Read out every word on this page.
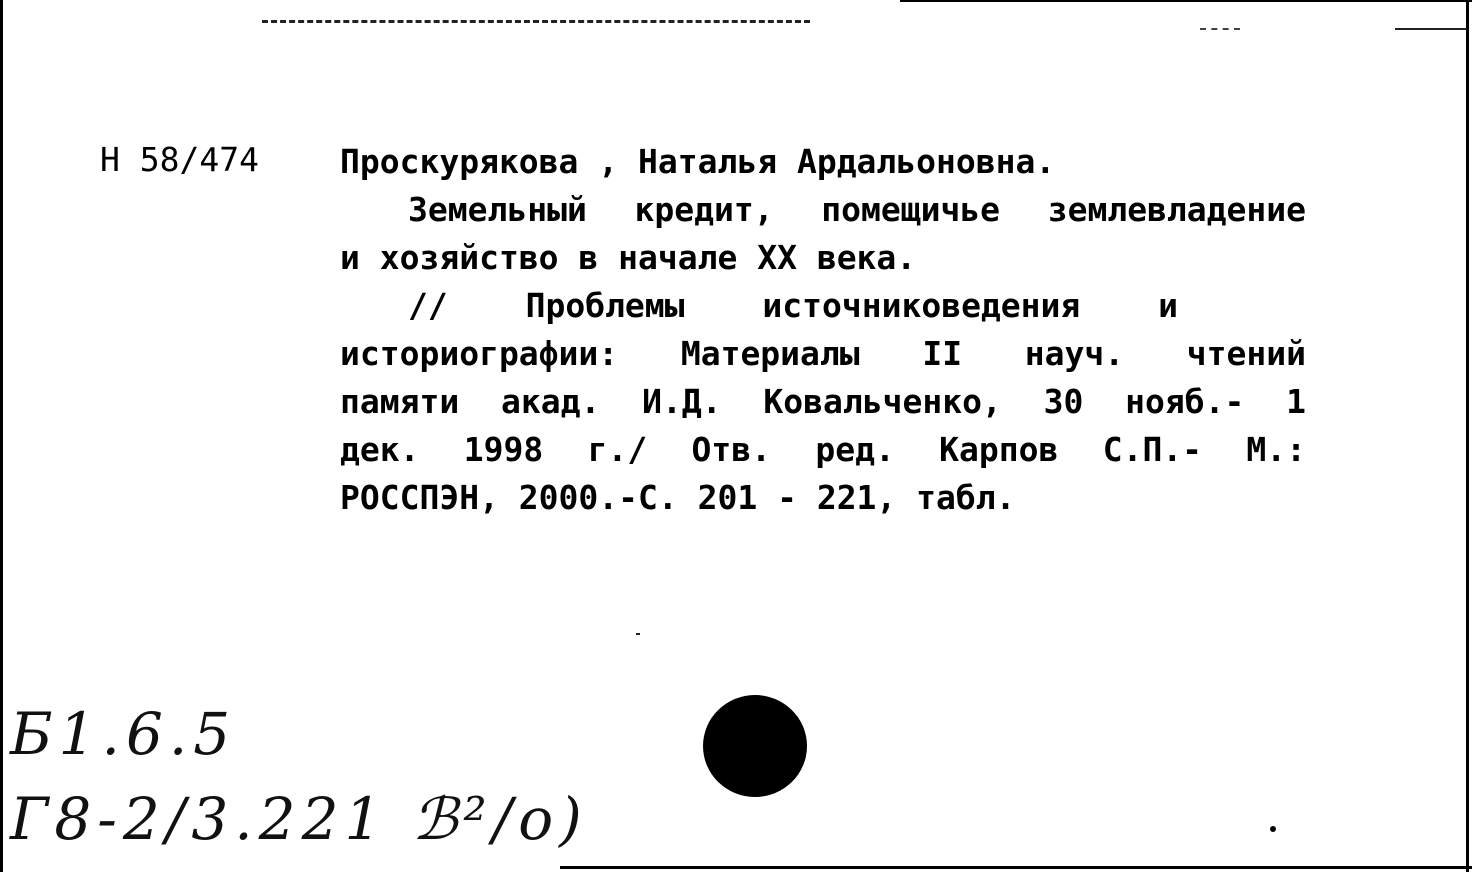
Н 58/474 Проскурякова , Наталья Ардальоновна.
Земельный кредит, помещичье землевладение
и хозяйство в начале XX века.
// Проблемы источниковедения и
историографии: Материалы II науч. чтений
памяти акад. И.Д. Ковальченко, 30 нояб.- 1
дек. 1998 г./ Отв. ред. Карпов С.П.- М.:
РОССПЭН, 2000.-С. 201 - 221, табл.
Б1.6.5
Г8-2/3.221 ℬ²/о)
